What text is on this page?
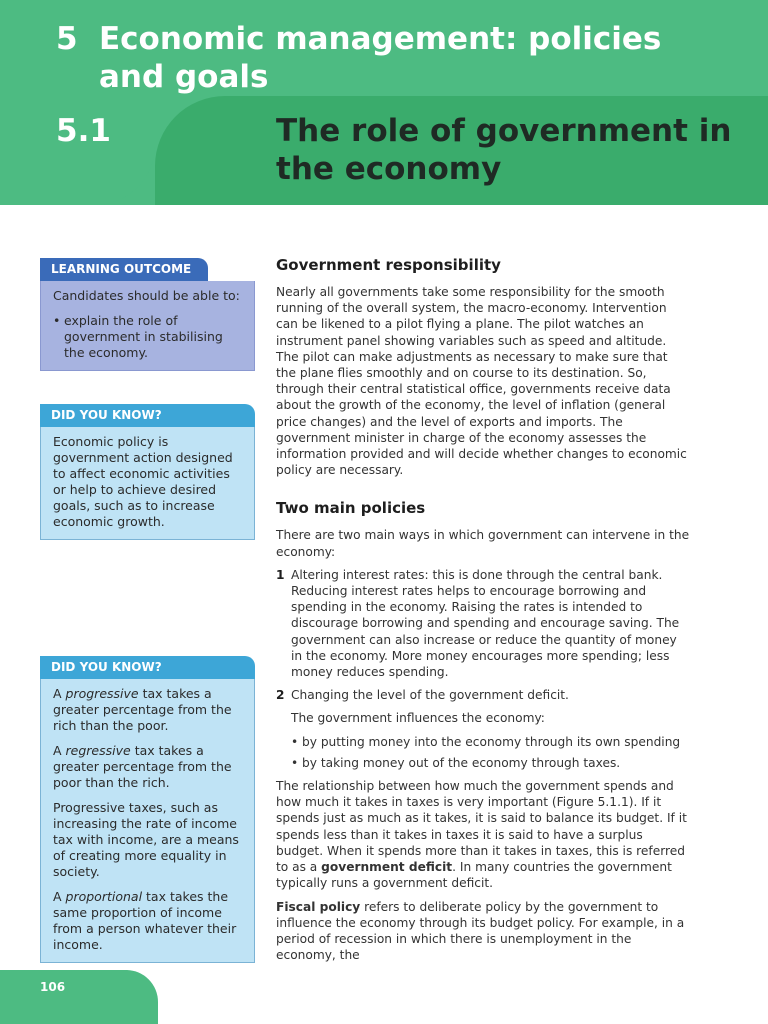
5 Economic management: policies and goals
5.1	The role of government in the economy
LEARNING OUTCOME

Candidates should be able to:

• explain the role of government in stabilising the economy.

DID YOU KNOW?

Economic policy is government action designed to affect economic activities or help to achieve desired goals, such as to increase economic growth.

DID YOU KNOW?

A progressive tax takes a greater percentage from the rich than the poor.

A regressive tax takes a greater percentage from the poor than the rich.

Progressive taxes, such as increasing the rate of income tax with income, are a means of creating more equality in society.

A proportional tax takes the same proportion of income from a person whatever their income.

Government responsibility

Nearly all governments take some responsibility for the smooth running of the overall system, the macro-economy. Intervention can be likened to a pilot flying a plane. The pilot watches an instrument panel showing variables such as speed and altitude. The pilot can make adjustments as necessary to make sure that the plane flies smoothly and on course to its destination. So, through their central statistical office, governments receive data about the growth of the economy, the level of inflation (general price changes) and the level of exports and imports. The government minister in charge of the economy assesses the information provided and will decide whether changes to economic policy are necessary.

Two main policies

There are two main ways in which government can intervene in the economy:

1 Altering interest rates: this is done through the central bank. Reducing interest rates helps to encourage borrowing and spending in the economy. Raising the rates is intended to discourage borrowing and spending and encourage saving. The government can also increase or reduce the quantity of money in the economy. More money encourages more spending; less money reduces spending.
2 Changing the level of the government deficit.

The government influences the economy:

• by putting money into the economy through its own spending
• by taking money out of the economy through taxes.

The relationship between how much the government spends and how much it takes in taxes is very important (Figure 5.1.1). If it spends just as much as it takes, it is said to balance its budget. If it spends less than it takes in taxes it is said to have a surplus budget. When it spends more than it takes in taxes, this is referred to as a government deficit. In many countries the government typically runs a government deficit.

Fiscal policy refers to deliberate policy by the government to influence the economy through its budget policy. For example, in a period of recession in which there is unemployment in the economy, the

106
